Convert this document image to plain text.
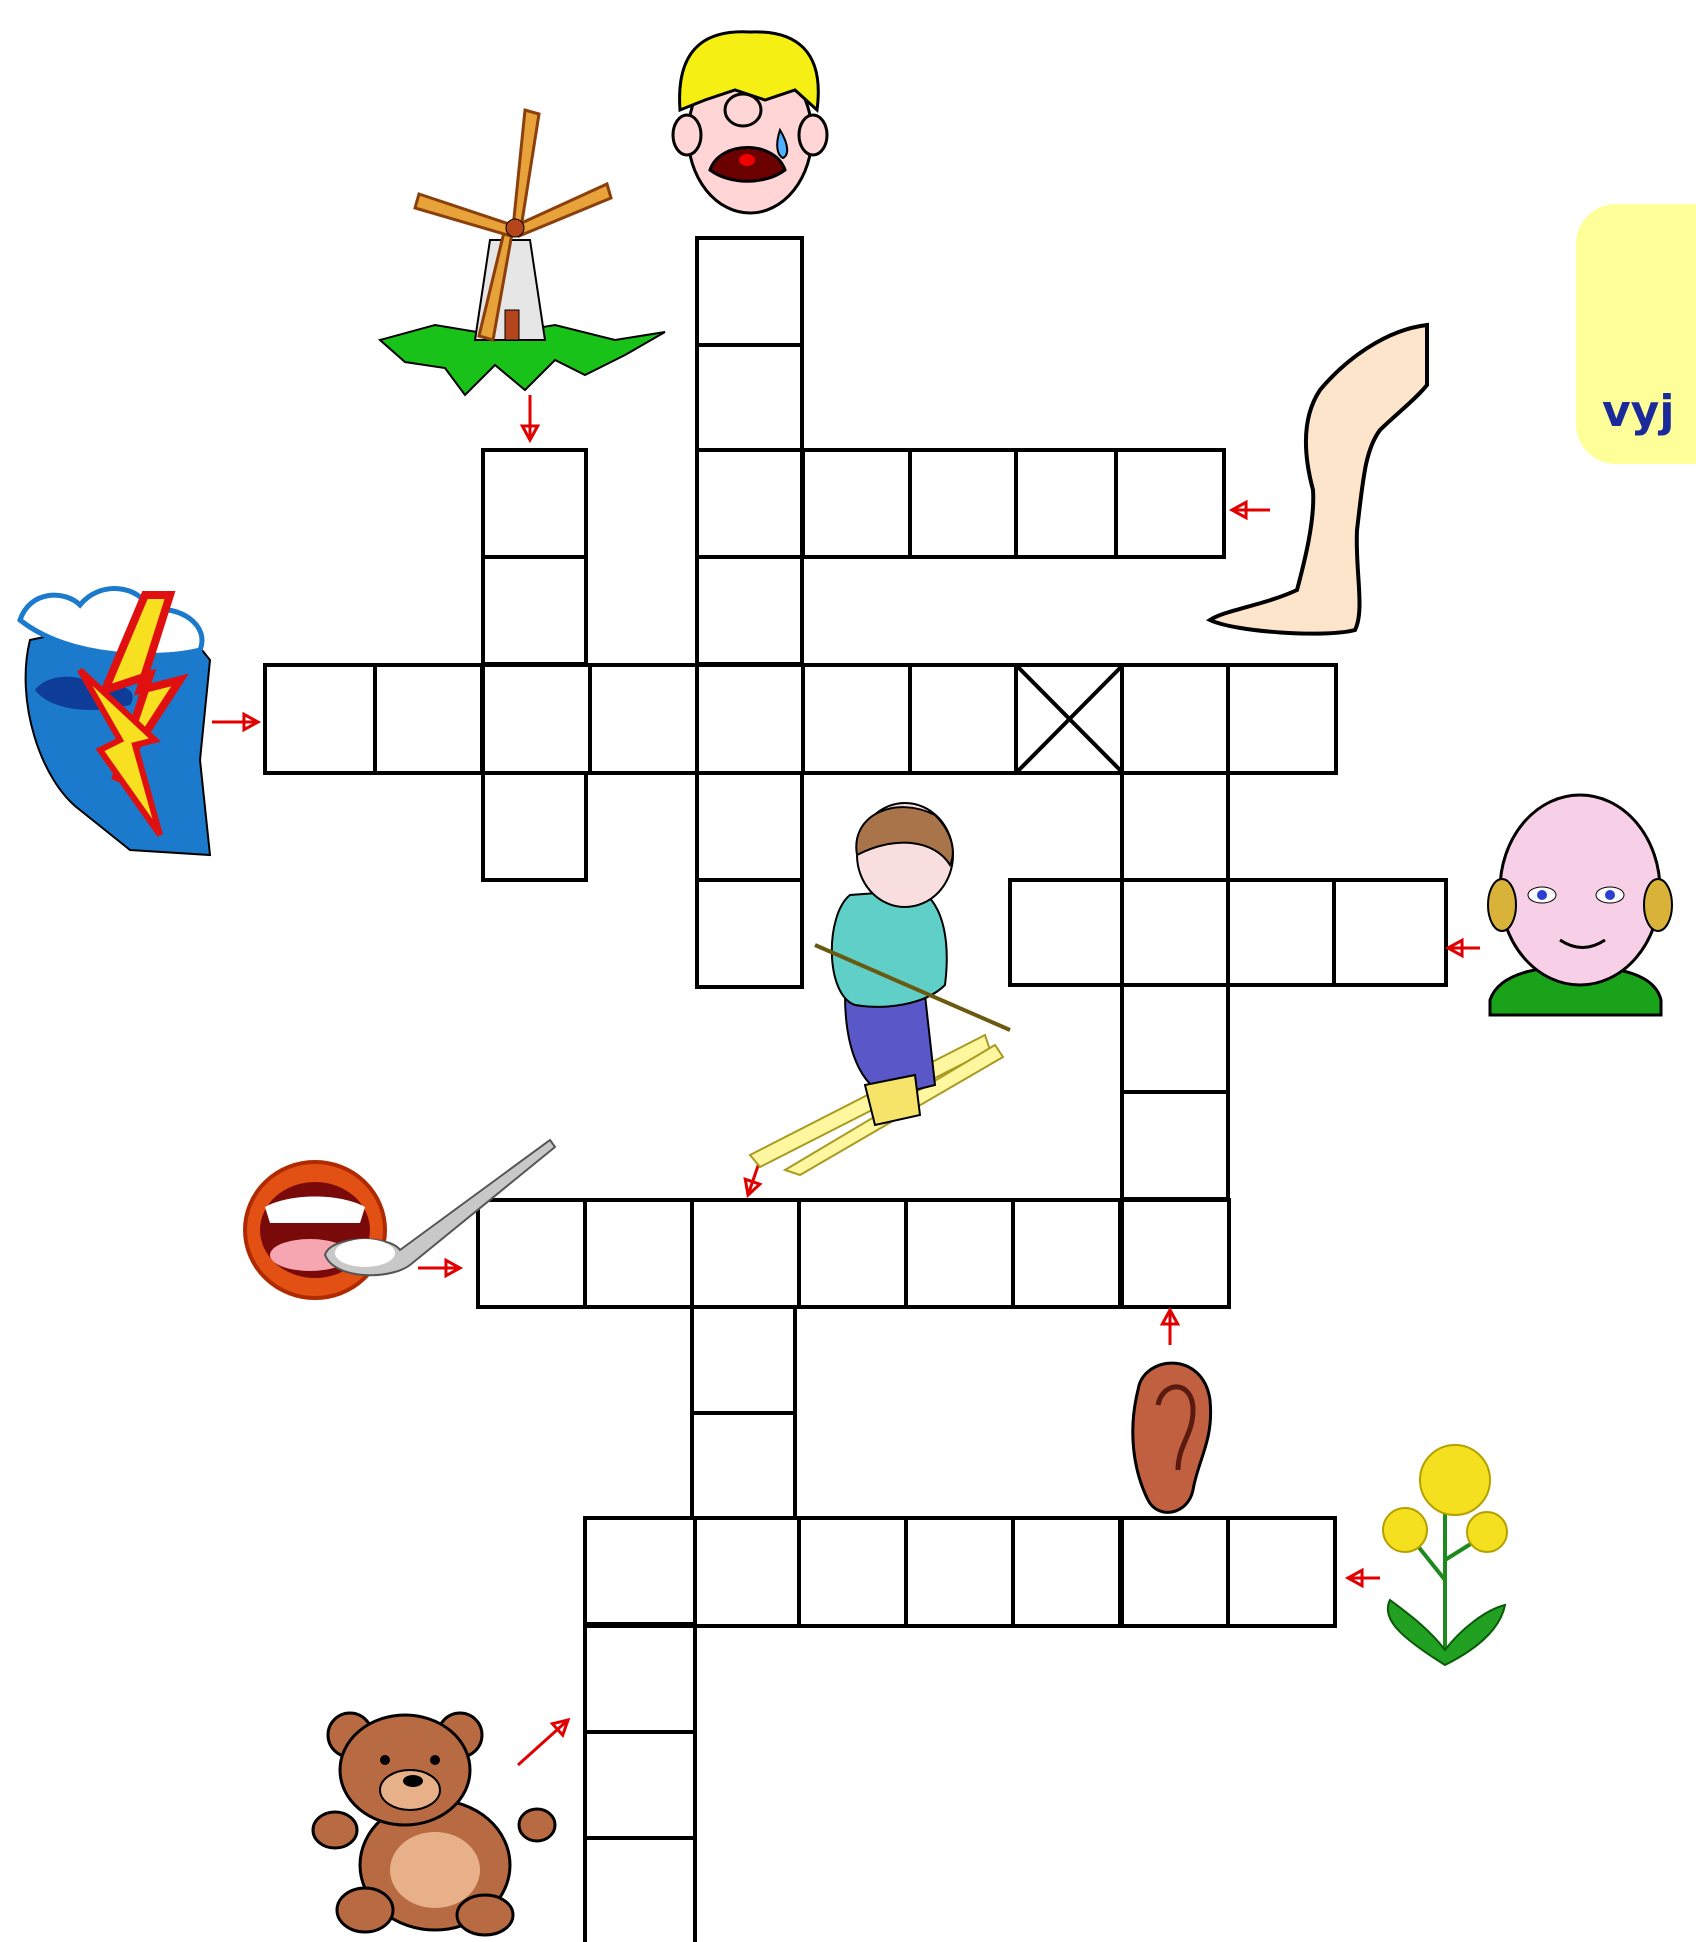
vyj
